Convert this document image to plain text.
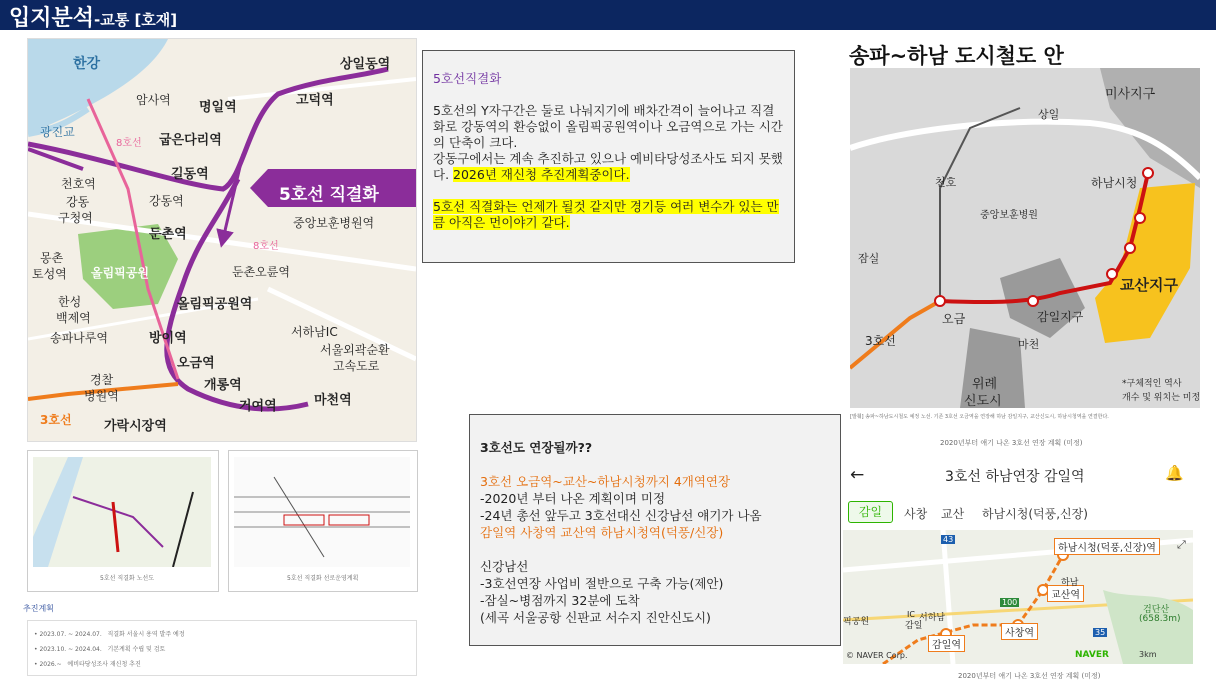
입지분석-교통 [호재]
상일동역
고덕역
명일역
암사역
한강
광진교
굽은다리역
8호선
길동역
천호역
강동역
강동
구청역
5호선 직결화
둔촌역
중앙보훈병원역
8호선
몽촌
토성역 올림픽공원	둔촌오륜역
올림픽공원역
한성
백제역
서하남IC
송파나루역	방이역
서울외곽순환
고속도로
오금역
경찰	개롱역
병원역	마천역
거여역
3호선 가락시장역
5호선 직결화 노선도	5호선 직결화 선로운영계획
추진계획
• 2023.07. ~ 2024.07. 직결화 서울시 용역 발주 예정
• 2023.10. ~ 2024.04. 기본계획 수립 및 검토
• 2026.~ 예비타당성조사 재신청 추진

5호선직결화

5호선의 Y자구간은 둘로 나눠지기에 배차간격이 늘어나고 직결화로 강동역의 환승없이 올림픽공원역이나 오금역으로 가는 시간의 단축이 크다.

강동구에서는 계속 추진하고 있으나 예비타당성조사도 되지 못했다. 2026년 재신청 추진계획중이다.

5호선 직결화는 언제가 될것 같지만 경기등 여러 변수가 있는 만큼 아직은 먼이야기 같다.

3호선도 연장될까??

3호선 오금역~교산~하남시청까지 4개역연장

-2020년 부터 나온 계획이며 미정

-24년 총선 앞두고 3호선대신 신강남선 얘기가 나옴

감일역 사창역 교산역 하남시청역(덕풍/신장)

신강남선

-3호선연장 사업비 절반으로 구축 가능(제안)

-잠실~병점까지 32분에 도착

(세곡 서울공항 신판교 서수지 진안신도시)

송파~하남 도시철도 안
미사지구
상일
하남시청
천호
중앙보훈병원
교산지구
잠실
오금	감일지구
3호선	마천
위례
신도시
*구체적인 역사
개수 및 위치는 미정
[발췌] 송파~하남도시철도 예정 노선. 기존 3호선 오금역을 연장해 하남 감일지구, 교산신도시, 하남시청역을 연결한다.
2020년부터 얘기 나온 3호선 연장 계획 (미정)
←	3호선 하남연장 감일역	🔔
감일	사창 교산 하남시청(덕풍,신장)
하남시청(덕풍,신장)역
교산역
사창역
감일역
감일
서하남
IC
하남
검단산
(658.3m)
픽공원
43
100
35
© NAVER Corp.	NAVER	3km
⤢
2020년부터 얘기 나온 3호선 연장 계획 (미정)
